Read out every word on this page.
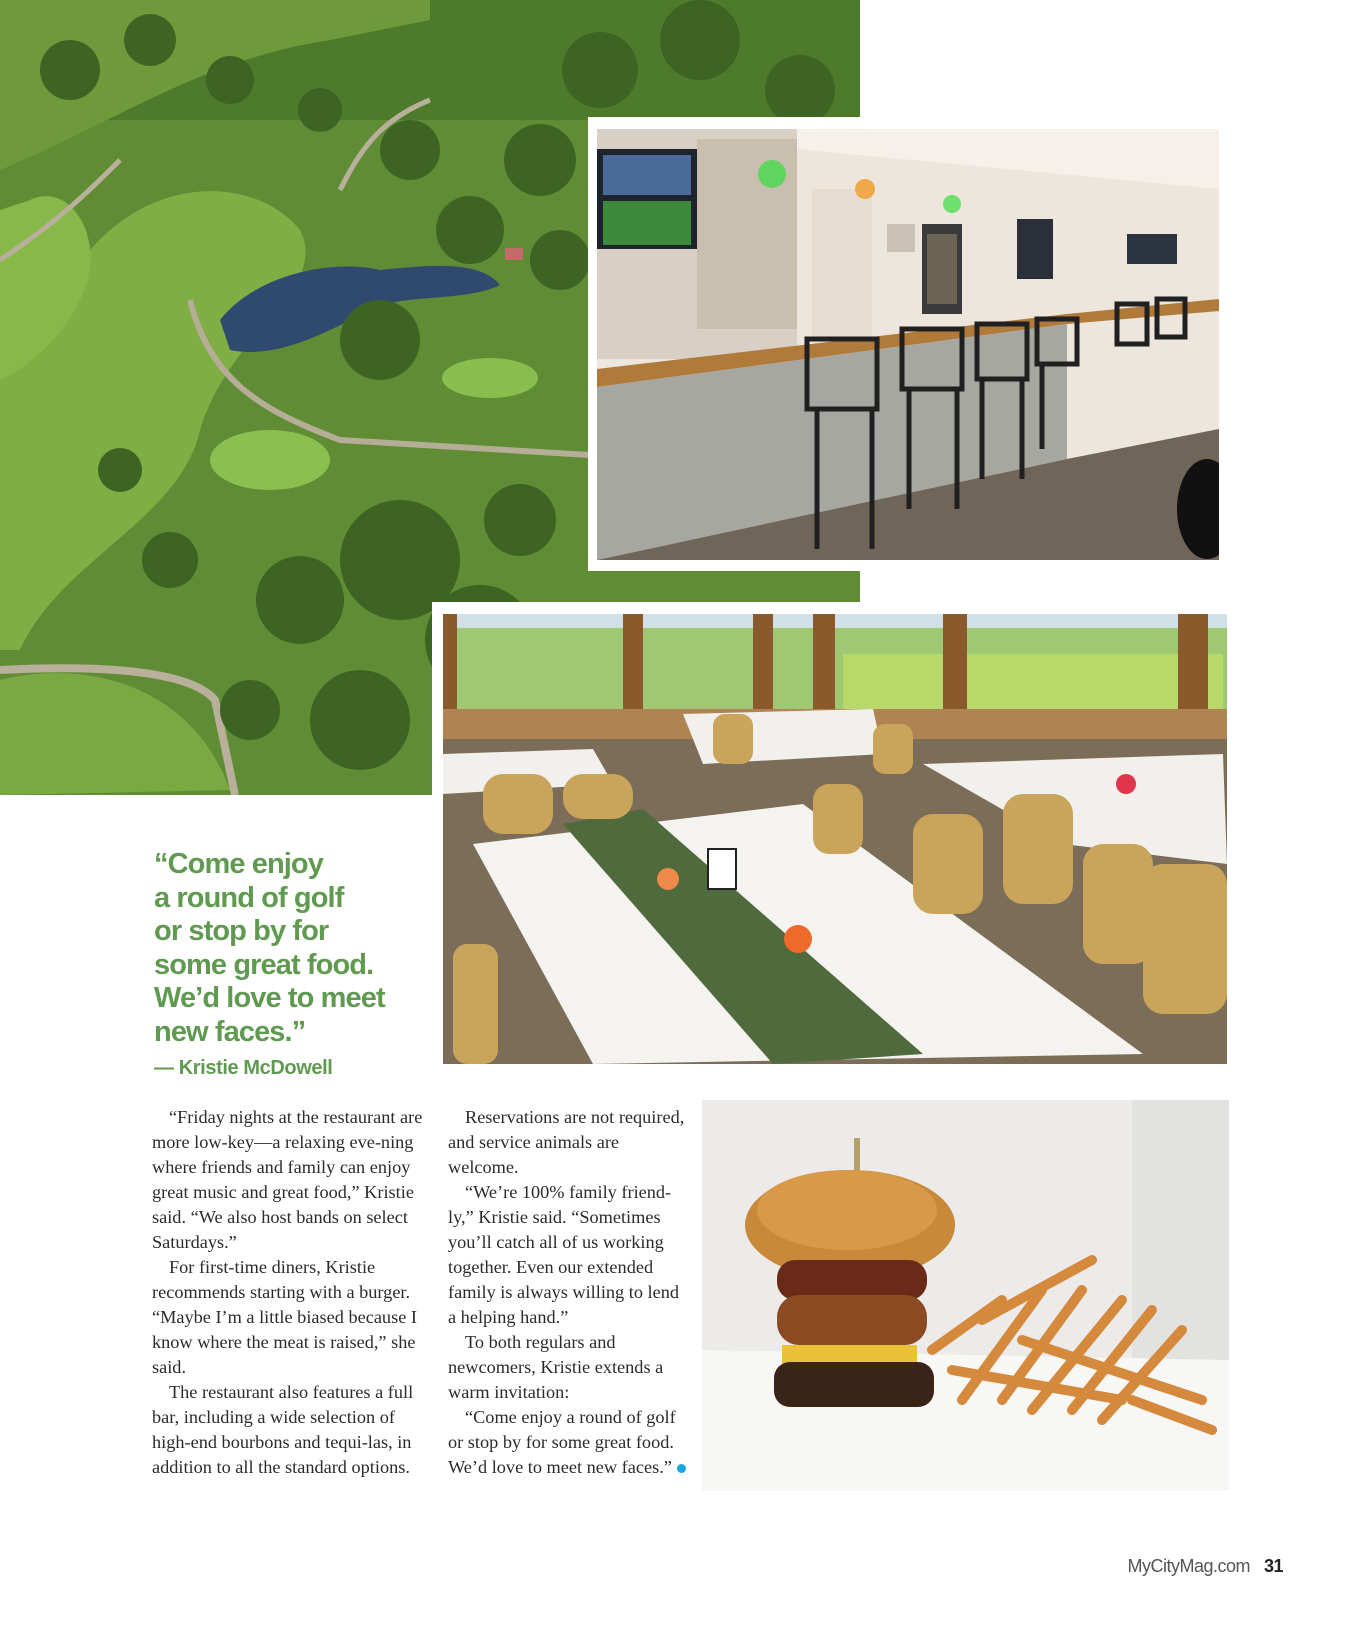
“Come enjoy
a round of golf
or stop by for
some great food.
We’d love to meet
new faces.”
— Kristie McDowell

“Friday nights at the restaurant are more low-key—a relaxing eve-ning where friends and family can enjoy great music and great food,” Kristie said. “We also host bands on select Saturdays.”

For first-time diners, Kristie recommends starting with a burger. “Maybe I’m a little biased because I know where the meat is raised,” she said.

The restaurant also features a full bar, including a wide selection of high-end bourbons and tequi-las, in addition to all the standard options.

Reservations are not required, and service animals are welcome.

“We’re 100% family friend-ly,” Kristie said. “Sometimes you’ll catch all of us working together. Even our extended family is always willing to lend a helping hand.”

To both regulars and newcomers, Kristie extends a warm invitation:

“Come enjoy a round of golf or stop by for some great food. We’d love to meet new faces.”

MyCityMag.com 31
